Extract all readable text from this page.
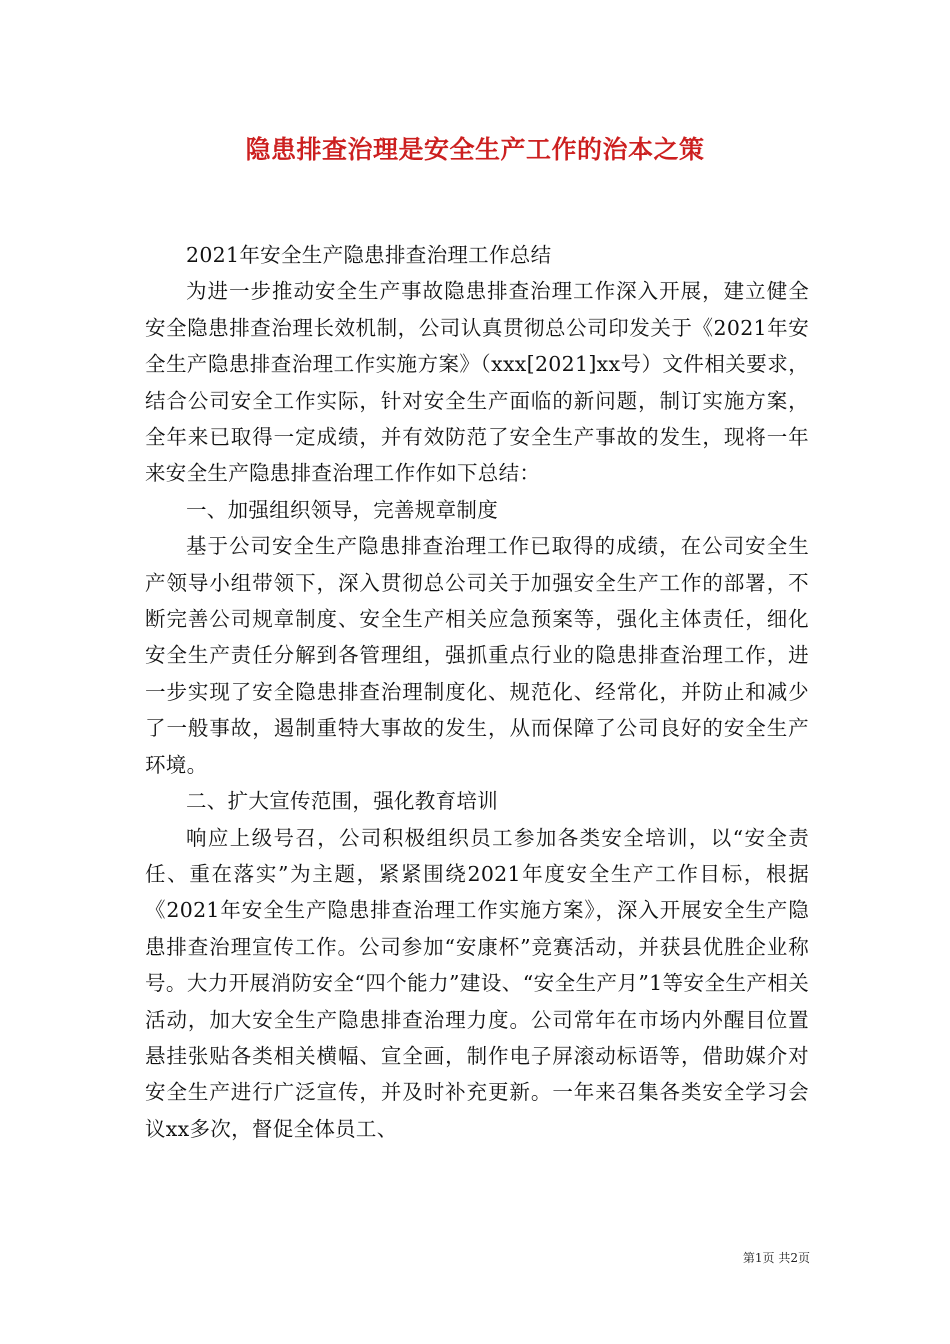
隐患排查治理是安全生产工作的治本之策

2021年安全生产隐患排查治理工作总结

为进一步推动安全生产事故隐患排查治理工作深入开展，建立健全安全隐患排查治理长效机制，公司认真贯彻总公司印发关于《2021年安全生产隐患排查治理工作实施方案》（xxx[2021]xx号）文件相关要求，结合公司安全工作实际，针对安全生产面临的新问题，制订实施方案，全年来已取得一定成绩，并有效防范了安全生产事故的发生，现将一年来安全生产隐患排查治理工作作如下总结：

一、加强组织领导，完善规章制度

基于公司安全生产隐患排查治理工作已取得的成绩，在公司安全生产领导小组带领下，深入贯彻总公司关于加强安全生产工作的部署，不断完善公司规章制度、安全生产相关应急预案等，强化主体责任，细化安全生产责任分解到各管理组，强抓重点行业的隐患排查治理工作，进一步实现了安全隐患排查治理制度化、规范化、经常化，并防止和减少了一般事故，遏制重特大事故的发生，从而保障了公司良好的安全生产环境。

二、扩大宣传范围，强化教育培训

响应上级号召，公司积极组织员工参加各类安全培训，以“安全责任、重在落实”为主题，紧紧围绕2021年度安全生产工作目标，根据《2021年安全生产隐患排查治理工作实施方案》，深入开展安全生产隐患排查治理宣传工作。公司参加“安康杯”竞赛活动，并获县优胜企业称号。大力开展消防安全“四个能力”建设、“安全生产月”1等安全生产相关活动，加大安全生产隐患排查治理力度。公司常年在市场内外醒目位置悬挂张贴各类相关横幅、宣全画，制作电子屏滚动标语等，借助媒介对安全生产进行广泛宣传，并及时补充更新。一年来召集各类安全学习会议xx多次，督促全体员工、

第1页 共2页
